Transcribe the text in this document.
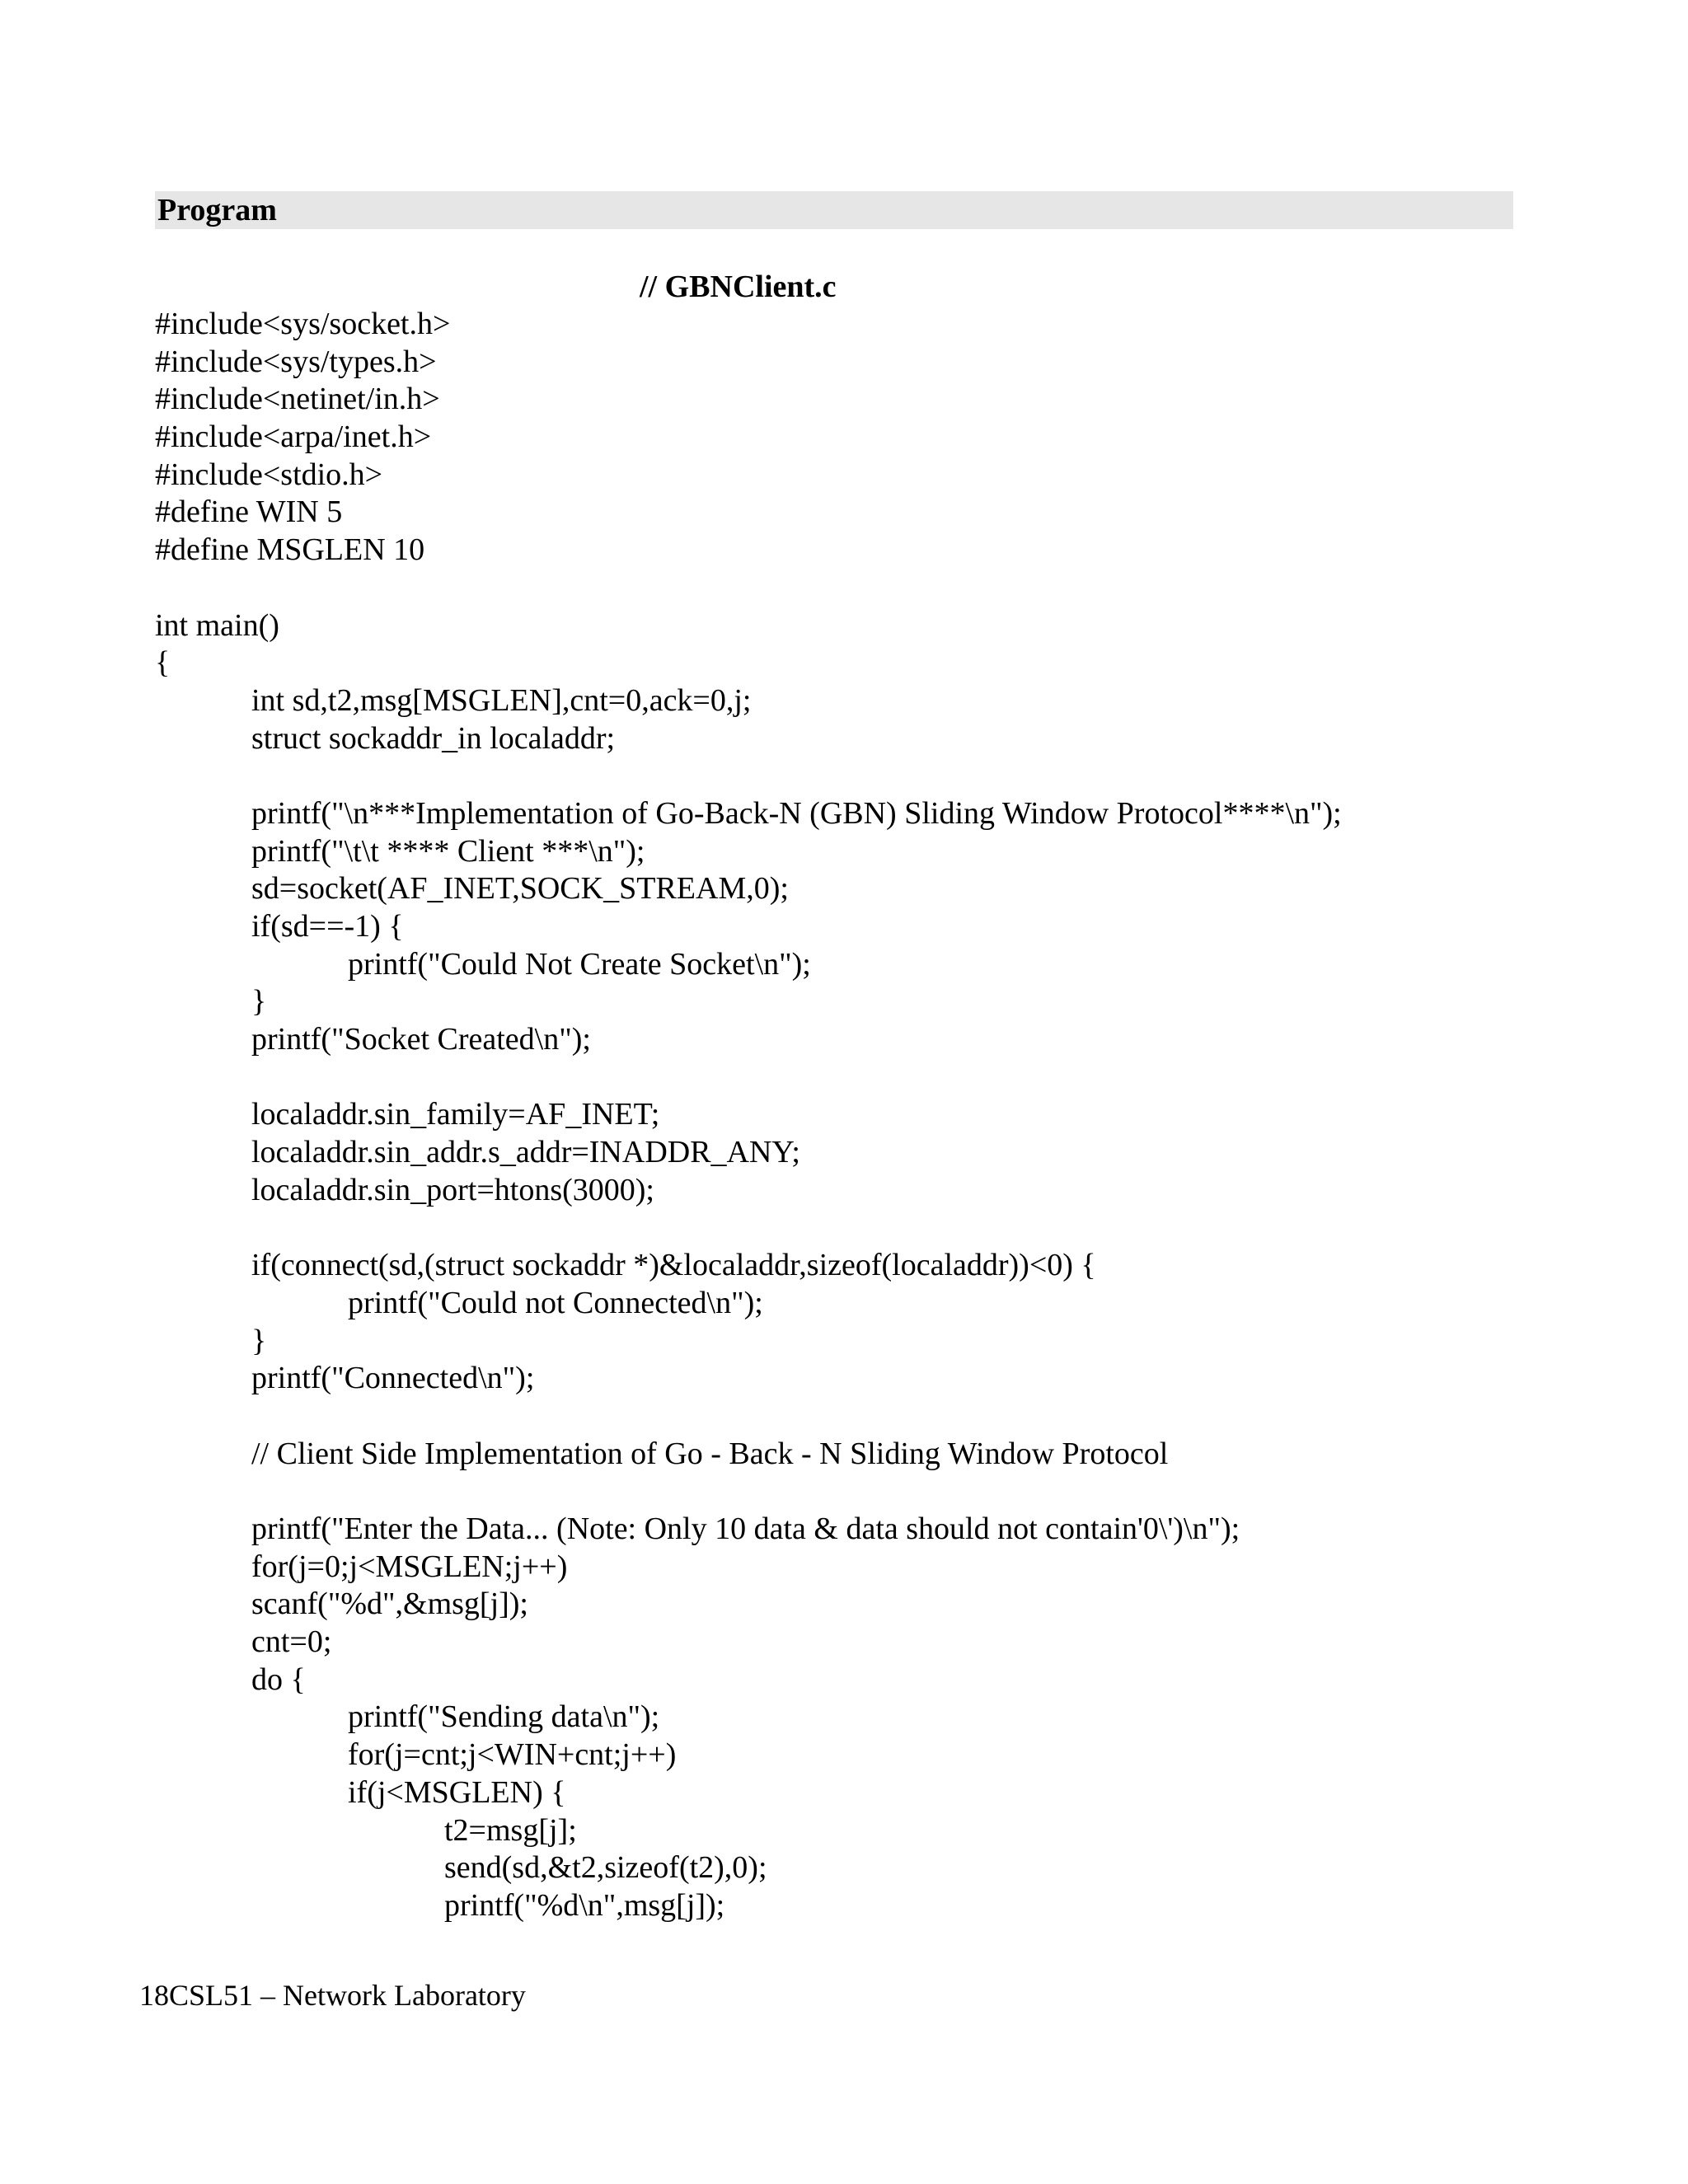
Program
// GBNClient.c
#include<sys/socket.h>
#include<sys/types.h>
#include<netinet/in.h>
#include<arpa/inet.h>
#include<stdio.h>
#define WIN 5
#define MSGLEN 10
int main()
{
int sd,t2,msg[MSGLEN],cnt=0,ack=0,j;
struct sockaddr_in localaddr;
printf("\n***Implementation of Go-Back-N (GBN) Sliding Window Protocol****\n");
printf("\t\t **** Client ***\n");
sd=socket(AF_INET,SOCK_STREAM,0);
if(sd==-1) {
printf("Could Not Create Socket\n");
}
printf("Socket Created\n");
localaddr.sin_family=AF_INET;
localaddr.sin_addr.s_addr=INADDR_ANY;
localaddr.sin_port=htons(3000);
if(connect(sd,(struct sockaddr *)&localaddr,sizeof(localaddr))<0) {
printf("Could not Connected\n");
}
printf("Connected\n");
// Client Side Implementation of Go - Back - N Sliding Window Protocol
printf("Enter the Data... (Note: Only 10 data & data should not contain'0\')\n");
for(j=0;j<MSGLEN;j++)
scanf("%d",&msg[j]);
cnt=0;
do {
printf("Sending data\n");
for(j=cnt;j<WIN+cnt;j++)
if(j<MSGLEN) {
t2=msg[j];
send(sd,&t2,sizeof(t2),0);
printf("%d\n",msg[j]);
18CSL51 – Network Laboratory
